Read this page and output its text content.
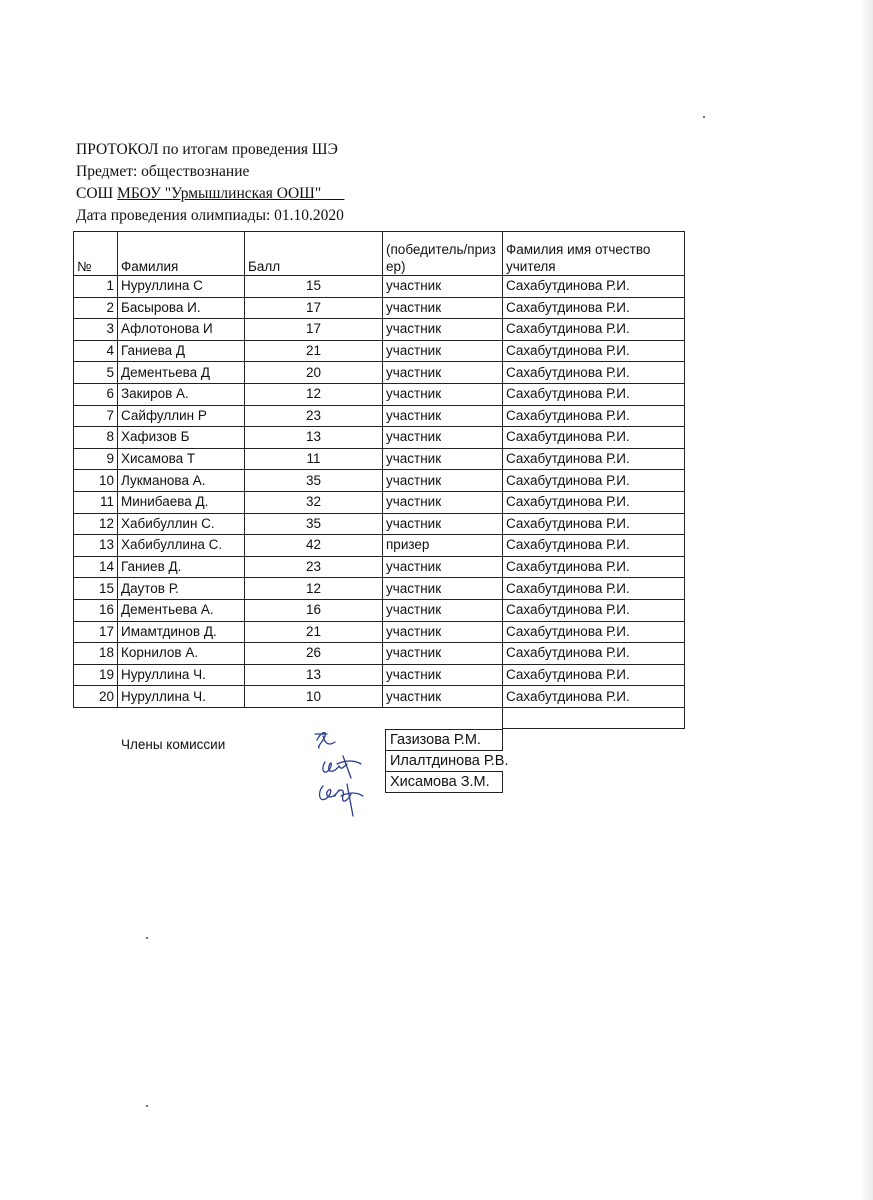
ПРОТОКОЛ по итогам проведения ШЭ
Предмет: обществознание
СОШ МБОУ "Урмышлинская ООШ"
Дата проведения олимпиады: 01.10.2020
№	Фамилия	Балл	(победитель/призер)	Фамилия имя отчество учителя
1	Нуруллина С	15	участник	Сахабутдинова Р.И.
2	Басырова И.	17	участник	Сахабутдинова Р.И.
3	Афлотонова И	17	участник	Сахабутдинова Р.И.
4	Ганиева Д	21	участник	Сахабутдинова Р.И.
5	Дементьева Д	20	участник	Сахабутдинова Р.И.
6	Закиров А.	12	участник	Сахабутдинова Р.И.
7	Сайфуллин Р	23	участник	Сахабутдинова Р.И.
8	Хафизов Б	13	участник	Сахабутдинова Р.И.
9	Хисамова Т	11	участник	Сахабутдинова Р.И.
10	Лукманова А.	35	участник	Сахабутдинова Р.И.
11	Минибаева Д.	32	участник	Сахабутдинова Р.И.
12	Хабибуллин С.	35	участник	Сахабутдинова Р.И.
13	Хабибуллина С.	42	призер	Сахабутдинова Р.И.
14	Ганиев Д.	23	участник	Сахабутдинова Р.И.
15	Даутов Р.	12	участник	Сахабутдинова Р.И.
16	Дементьева А.	16	участник	Сахабутдинова Р.И.
17	Имамтдинов Д.	21	участник	Сахабутдинова Р.И.
18	Корнилов А.	26	участник	Сахабутдинова Р.И.
19	Нуруллина Ч.	13	участник	Сахабутдинова Р.И.
20	Нуруллина Ч.	10	участник	Сахабутдинова Р.И.

Члены комиссии	Газизова Р.М.
Илалтдинова Р.В.
Хисамова З.М.
